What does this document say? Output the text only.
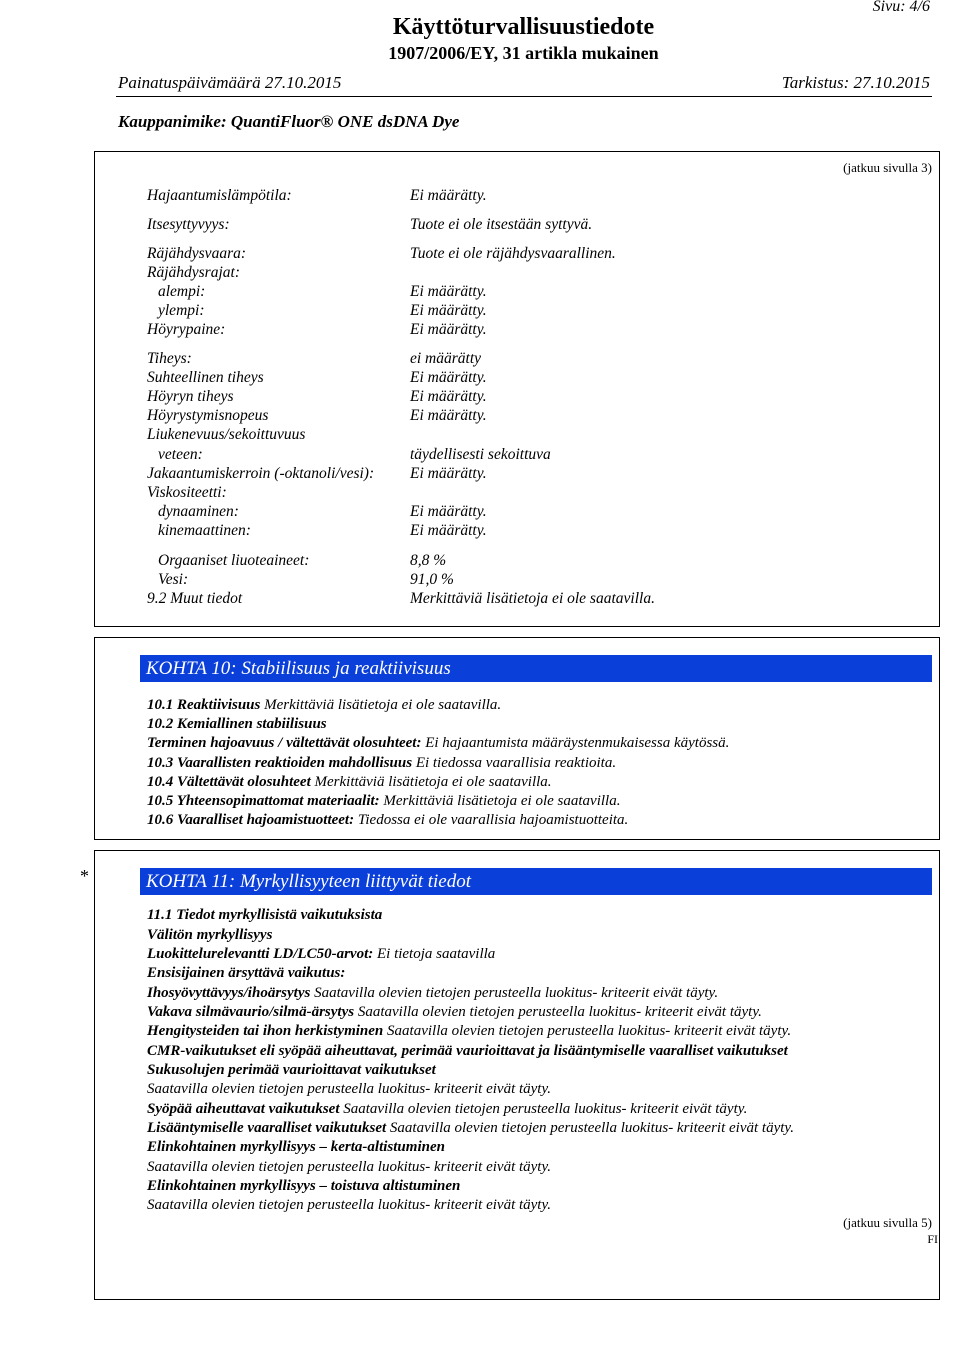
Sivu: 4/6
Käyttöturvallisuustiedote
1907/2006/EY, 31 artikla mukainen
Painatuspäivämäärä 27.10.2015	Tarkistus: 27.10.2015
Kauppanimike: QuantiFluor® ONE dsDNA Dye
(jatkuu sivulla 3)
Hajaantumislämpötila:	Ei määrätty.
Itsesyttyvyys:	Tuote ei ole itsestään syttyvä.
Räjähdysvaara:	Tuote ei ole räjähdysvaarallinen.
Räjähdysrajat:
alempi:	Ei määrätty.
ylempi:	Ei määrätty.
Höyrypaine:	Ei määrätty.
Tiheys:	ei määrätty
Suhteellinen tiheys	Ei määrätty.
Höyryn tiheys	Ei määrätty.
Höyrystymisnopeus	Ei määrätty.
Liukenevuus/sekoittuvuus
veteen:	täydellisesti sekoittuva
Jakaantumiskerroin (-oktanoli/vesi): Ei määrätty.
Viskositeetti:
dynaaminen:	Ei määrätty.
kinemaattinen:	Ei määrätty.
Orgaaniset liuoteaineet:	8,8 %
Vesi:	91,0 %
9.2 Muut tiedot	Merkittäviä lisätietoja ei ole saatavilla.
KOHTA 10: Stabiilisuus ja reaktiivisuus
10.1 Reaktiivisuus Merkittäviä lisätietoja ei ole saatavilla.
10.2 Kemiallinen stabiilisuus
Terminen hajoavuus / vältettävät olosuhteet: Ei hajaantumista määräystenmukaisessa käytössä.
10.3 Vaarallisten reaktioiden mahdollisuus Ei tiedossa vaarallisia reaktioita.
10.4 Vältettävät olosuhteet Merkittäviä lisätietoja ei ole saatavilla.
10.5 Yhteensopimattomat materiaalit: Merkittäviä lisätietoja ei ole saatavilla.
10.6 Vaaralliset hajoamistuotteet: Tiedossa ei ole vaarallisia hajoamistuotteita.
*	KOHTA 11: Myrkyllisyyteen liittyvät tiedot
11.1 Tiedot myrkyllisistä vaikutuksista
Välitön myrkyllisyys
Luokittelurelevantti LD/LC50-arvot: Ei tietoja saatavilla
Ensisijainen ärsyttävä vaikutus:
Ihosyövyttävyys/ihoärsytys Saatavilla olevien tietojen perusteella luokitus- kriteerit eivät täyty.
Vakava silmävaurio/silmä-ärsytys Saatavilla olevien tietojen perusteella luokitus- kriteerit eivät täyty.
Hengitysteiden tai ihon herkistyminen Saatavilla olevien tietojen perusteella luokitus- kriteerit eivät täyty.
CMR-vaikutukset eli syöpää aiheuttavat, perimää vaurioittavat ja lisääntymiselle vaaralliset vaikutukset
Sukusolujen perimää vaurioittavat vaikutukset
Saatavilla olevien tietojen perusteella luokitus- kriteerit eivät täyty.
Syöpää aiheuttavat vaikutukset Saatavilla olevien tietojen perusteella luokitus- kriteerit eivät täyty.
Lisääntymiselle vaaralliset vaikutukset Saatavilla olevien tietojen perusteella luokitus- kriteerit eivät täyty.
Elinkohtainen myrkyllisyys – kerta-altistuminen
Saatavilla olevien tietojen perusteella luokitus- kriteerit eivät täyty.
Elinkohtainen myrkyllisyys – toistuva altistuminen
Saatavilla olevien tietojen perusteella luokitus- kriteerit eivät täyty.
(jatkuu sivulla 5)
FI
